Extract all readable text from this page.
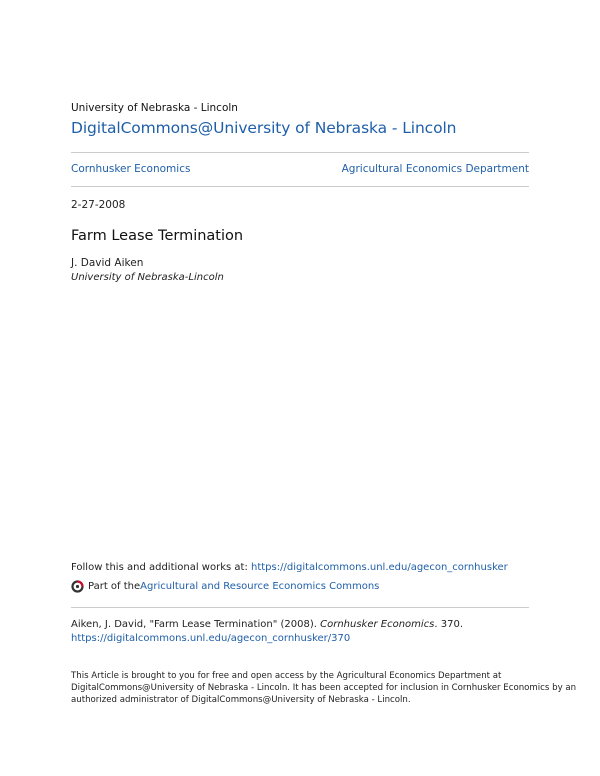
University of Nebraska - Lincoln
DigitalCommons@University of Nebraska - Lincoln
Cornhusker Economics	Agricultural Economics Department
2-27-2008
Farm Lease Termination
J. David Aiken
University of Nebraska-Lincoln
Follow this and additional works at: https://digitalcommons.unl.edu/agecon_cornhusker
Part of the Agricultural and Resource Economics Commons
Aiken, J. David, "Farm Lease Termination" (2008). Cornhusker Economics. 370.
https://digitalcommons.unl.edu/agecon_cornhusker/370
This Article is brought to you for free and open access by the Agricultural Economics Department at
DigitalCommons@University of Nebraska - Lincoln. It has been accepted for inclusion in Cornhusker Economics by an
authorized administrator of DigitalCommons@University of Nebraska - Lincoln.
